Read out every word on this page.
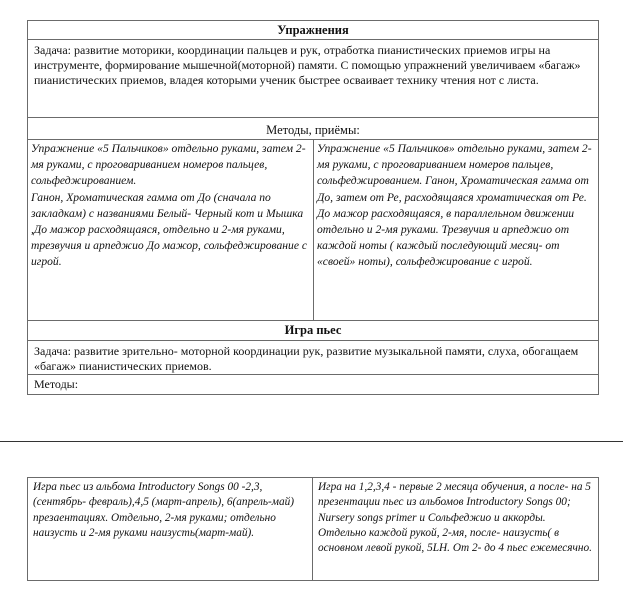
Упражнения
Задача: развитие моторики, координации пальцев и рук, отработка пианистических приемов игры на инструменте, формирование мышечной(моторной) памяти. С помощью упражнений увеличиваем «багаж» пианистических приемов, владея которыми ученик быстрее осваивает технику чтения нот с листа.
Методы, приёмы:
Упражнение «5 Пальчиков» отдельно руками, затем 2-мя руками, с проговариванием номеров пальцев, сольфеджированием.
Ганон, Хроматическая гамма от До (сначала по закладкам) с названиями Белый- Черный кот и Мышка ,До мажор расходящаяся, отдельно и 2-мя руками, трезвучия и арпеджио До мажор, сольфеджирование с игрой.	Упражнение «5 Пальчиков» отдельно руками, затем 2-мя руками, с проговариванием номеров пальцев, сольфеджированием. Ганон, Хроматическая гамма от До, затем от Ре, расходящаяся хроматическая от Ре. До мажор расходящаяся, в параллельном движении отдельно и 2-мя руками. Трезвучия и арпеджио от каждой ноты ( каждый последующий месяц- от «своей» ноты), сольфеджирование с игрой.
Игра пьес
Задача: развитие зрительно- моторной координации рук, развитие музыкальной памяти, слуха, обогащаем «багаж» пианистических приемов.
Методы:
Игра пьес из альбома Introductory Songs 00 -2,3,(сентябрь- февраль),4,5 (март-апрель), 6(апрель-май) презаентациях. Отдельно, 2-мя руками; отдельно наизусть и 2-мя руками наизусть(март-май).	Игра на 1,2,3,4 - первые 2 месяца обучения, а после- на 5 презентации пьес из альбомов Introductory Songs 00; Nursery songs primer и Сольфеджио и аккорды. Отдельно каждой рукой, 2-мя, после- наизусть( в основном левой рукой, 5LH. От 2- до 4 пьес ежемесячно.
